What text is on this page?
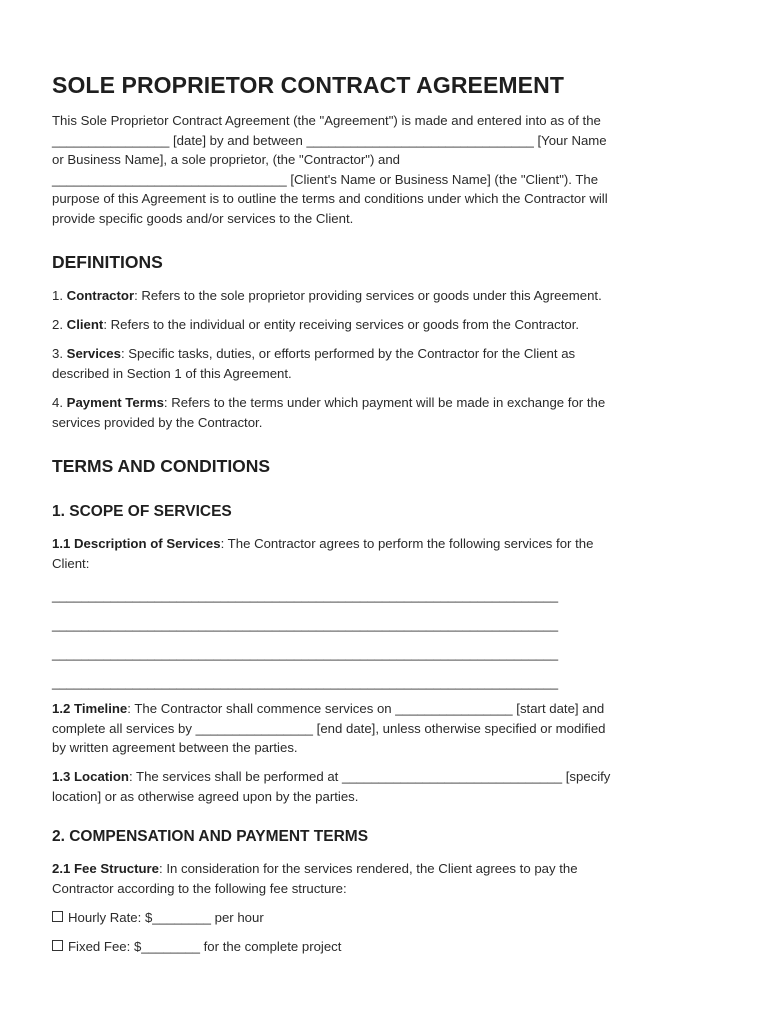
SOLE PROPRIETOR CONTRACT AGREEMENT
This Sole Proprietor Contract Agreement (the "Agreement") is made and entered into as of the
________________ [date] by and between _______________________________ [Your Name
or Business Name], a sole proprietor, (the "Contractor") and
________________________________ [Client's Name or Business Name] (the "Client"). The
purpose of this Agreement is to outline the terms and conditions under which the Contractor will
provide specific goods and/or services to the Client.
DEFINITIONS
1. Contractor: Refers to the sole proprietor providing services or goods under this Agreement.
2. Client: Refers to the individual or entity receiving services or goods from the Contractor.
3. Services: Specific tasks, duties, or efforts performed by the Contractor for the Client as
described in Section 1 of this Agreement.
4. Payment Terms: Refers to the terms under which payment will be made in exchange for the
services provided by the Contractor.
TERMS AND CONDITIONS
1. SCOPE OF SERVICES
1.1 Description of Services: The Contractor agrees to perform the following services for the
Client:
_____________________________________________________________________
_____________________________________________________________________
_____________________________________________________________________
_____________________________________________________________________
1.2 Timeline: The Contractor shall commence services on ________________ [start date] and
complete all services by ________________ [end date], unless otherwise specified or modified
by written agreement between the parties.
1.3 Location: The services shall be performed at ______________________________ [specify
location] or as otherwise agreed upon by the parties.
2. COMPENSATION AND PAYMENT TERMS
2.1 Fee Structure: In consideration for the services rendered, the Client agrees to pay the
Contractor according to the following fee structure:
Hourly Rate: $________ per hour
Fixed Fee: $________ for the complete project
